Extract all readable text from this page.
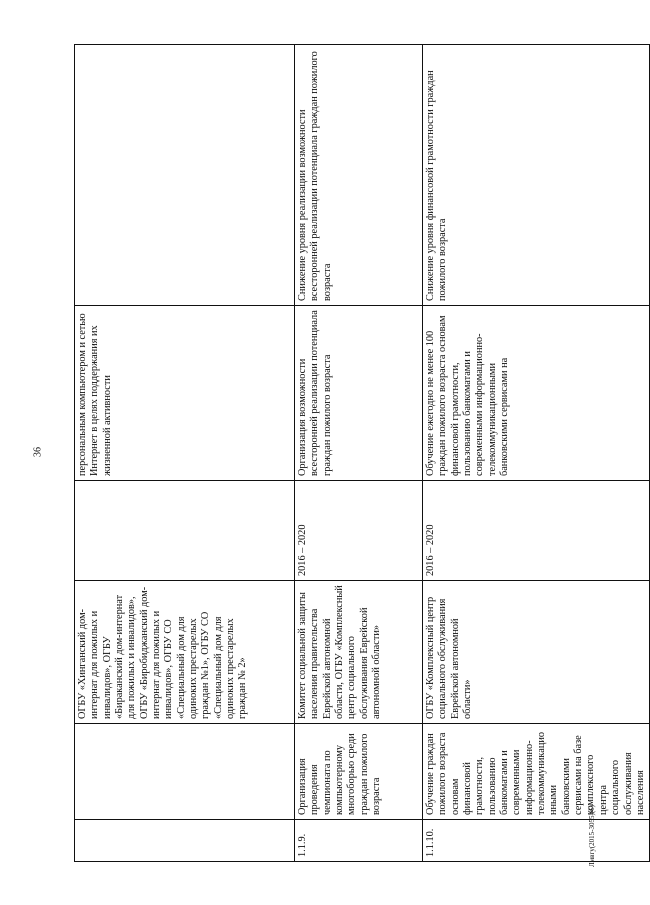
36
Лмвгу(2015-3055)(6)
		ОГБУ «Хинганский дом-интернат для пожилых и инвалидов», ОГБУ «Бираканский дом-интернат для пожилых и инвалидов», ОГБУ «Биробиджанский дом-интернат для пожилых и инвалидов», ОГБУ СО «Специальный дом для одиноких престарелых граждан №1», ОГБУ СО «Специальный дом для одиноких престарелых граждан № 2»		персональным компьютером и сетью Интернет в целях поддержания их жизненной активности	
1.1.9.	Организация проведения чемпионата по компьютерному многоборью среди граждан пожилого возраста	Комитет социальной защиты населения правительства Еврейской автономной области, ОГБУ «Комплексный центр социального обслуживания Еврейской автономной области»	2016 – 2020	Организация возможности всесторонней реализации потенциала граждан пожилого возраста	Снижение уровня реализации возможности всесторонней реализации потенциала граждан пожилого возраста
1.1.10.	Обучение граждан пожилого возраста основам финансовой грамотности, пользованию банкоматами и современными информационно-телекоммуникационными банковскими сервисами на базе комплексного центра социального обслуживания населения	ОГБУ «Комплексный центр социального обслуживания Еврейской автономной области»	2016 – 2020	Обучение ежегодно не менее 100 граждан пожилого возраста основам финансовой грамотности, пользованию банкоматами и современными информационно-телекоммуникационными банковскими сервисами на	Снижение уровня финансовой грамотности граждан пожилого возраста
